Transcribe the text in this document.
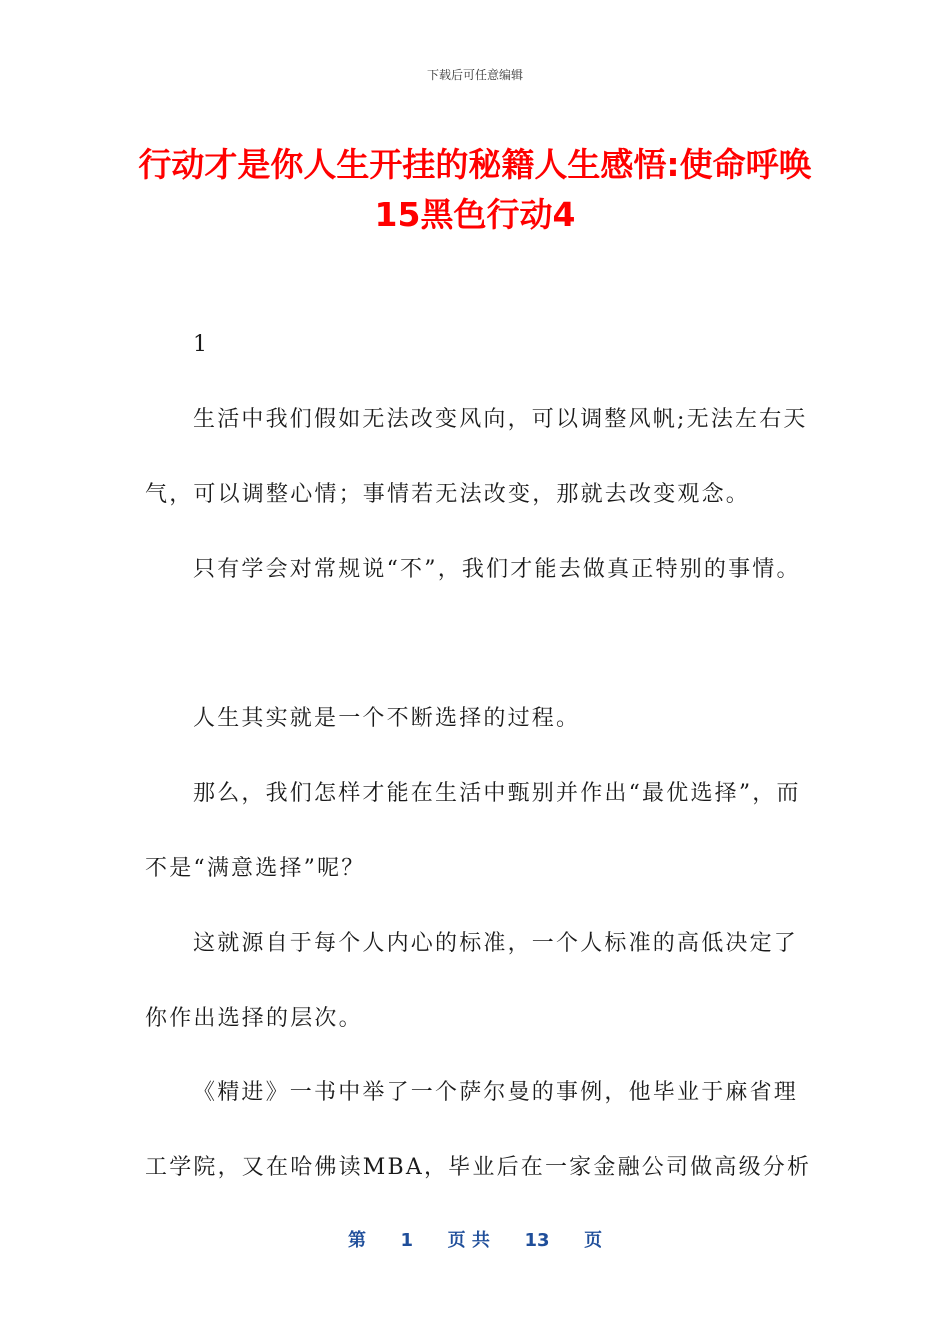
下载后可任意编辑
行动才是你人生开挂的秘籍人生感悟:使命呼唤15黑色行动4

1

生活中我们假如无法改变风向，可以调整风帆;无法左右天气，可以调整心情；事情若无法改变，那就去改变观念。

只有学会对常规说“不”，我们才能去做真正特别的事情。

人生其实就是一个不断选择的过程。

那么，我们怎样才能在生活中甄别并作出“最优选择”，而不是“满意选择”呢？

这就源自于每个人内心的标准，一个人标准的高低决定了你作出选择的层次。

《精进》一书中举了一个萨尔曼的事例，他毕业于麻省理工学院，又在哈佛读MBA，毕业后在一家金融公司做高级分析

第 1 页 共 13 页
